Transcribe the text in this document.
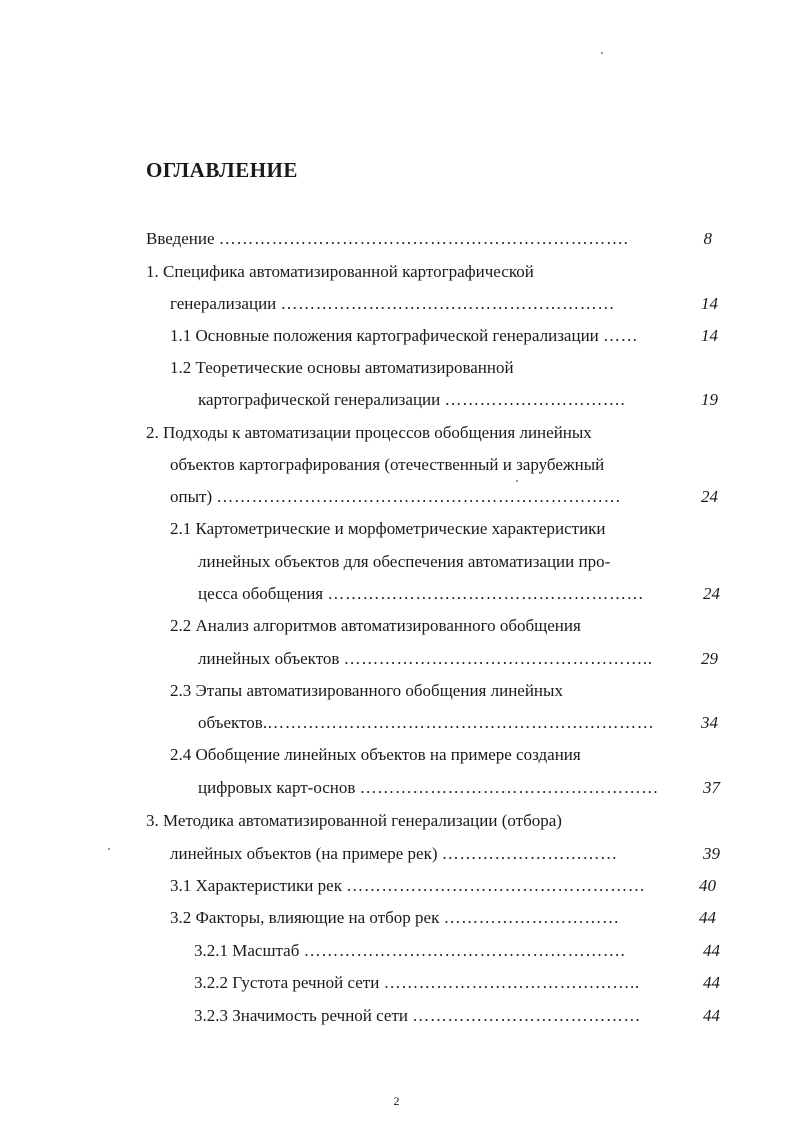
ОГЛАВЛЕНИЕ
Введение …………………………………………………………….	8
1. Специфика автоматизированной картографической
генерализации …………………………………………………	14
1.1 Основные положения картографической генерализации ……	14
1.2 Теоретические основы автоматизированной
картографической генерализации ………………………….	19
2. Подходы к автоматизации процессов обобщения линейных
объектов картографирования (отечественный и зарубежный
опыт) ……………………………………………………………	24
2.1 Картометрические и морфометрические характеристики
линейных объектов для обеспечения автоматизации про-
цесса обобщения ………………………………………………	24
2.2 Анализ алгоритмов автоматизированного обобщения
линейных объектов ……………………………………………..	29
2.3 Этапы автоматизированного обобщения линейных
объектов.…………………………………………………………	34
2.4 Обобщение линейных объектов на примере создания
цифровых карт-основ ……………………………………………	37
3. Методика автоматизированной генерализации (отбора)
линейных объектов (на примере рек) …………………………	39
3.1 Характеристики рек ……………………………………………	40
3.2 Факторы, влияющие на отбор рек …………………………	44
3.2.1 Масштаб ……………………………………………….	44
3.2.2 Густота речной сети ……………………………………..	44
3.2.3 Значимость речной сети …………………………………	44
2
